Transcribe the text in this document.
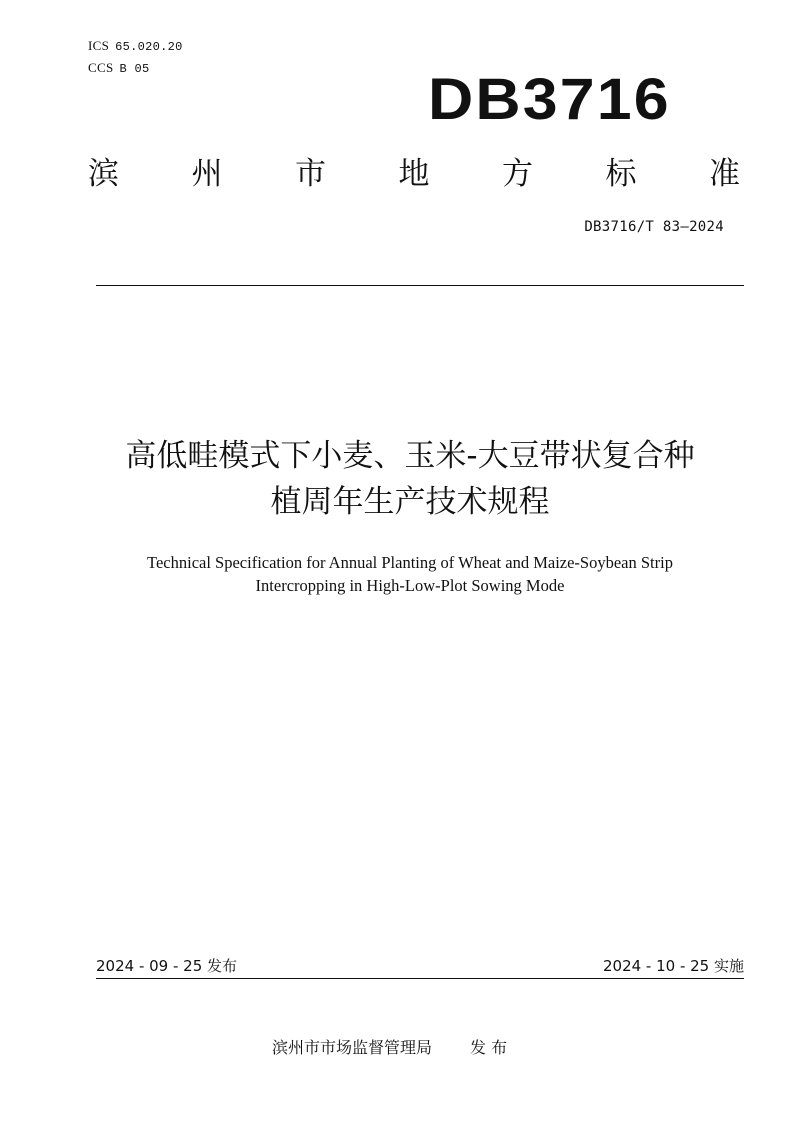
ICS 65.020.20
CCS B 05	DB3716
滨 州 市 地 方 标 准
DB3716/T 83—2024
高低畦模式下小麦、玉米-大豆带状复合种
植周年生产技术规程
Technical Specification for Annual Planting of Wheat and Maize-Soybean Strip
Intercropping in High-Low-Plot Sowing Mode
2024 - 09 - 25 发布	2024 - 10 - 25 实施
滨州市市场监督管理局 发 布
